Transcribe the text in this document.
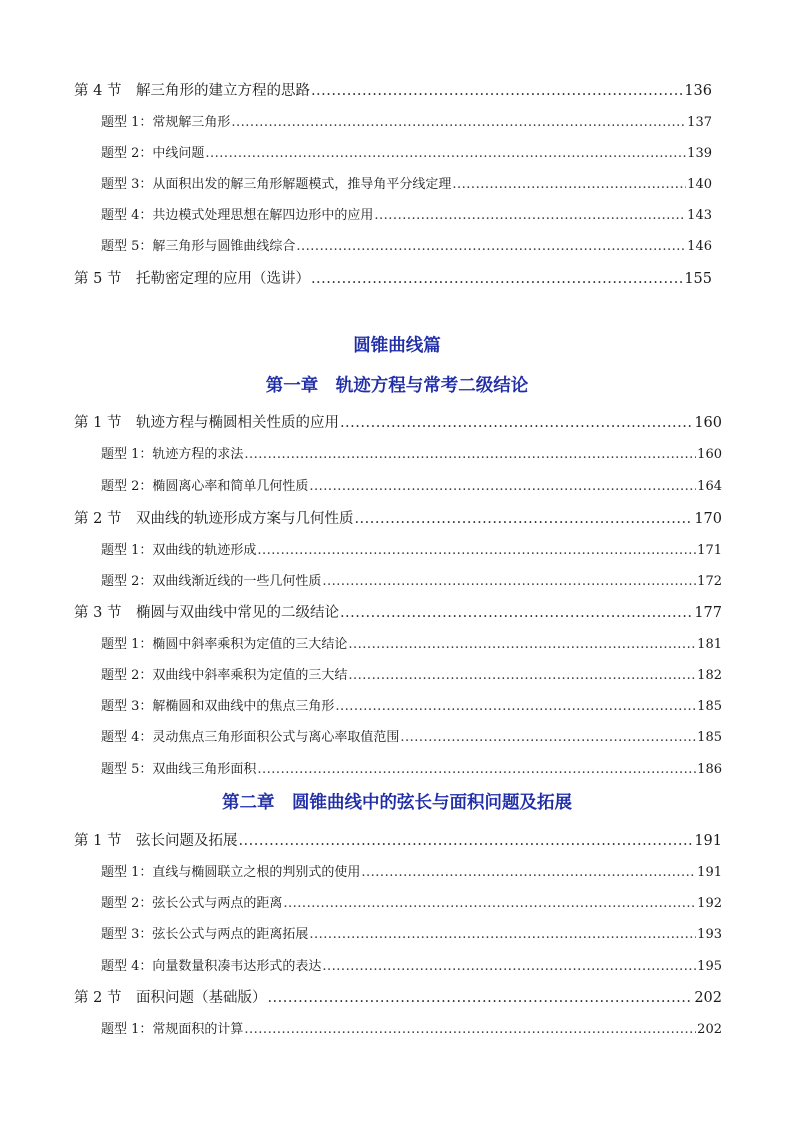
第 4 节　解三角形的建立方程的思路 .....	136
题型 1：常规解三角形 .....	137
题型 2：中线问题 .....	139
题型 3：从面积出发的解三角形解题模式，推导角平分线定理 .....	140
题型 4：共边模式处理思想在解四边形中的应用 .....	143
题型 5：解三角形与圆锥曲线综合 .....	146
第 5 节　托勒密定理的应用（选讲） .....	155
圆锥曲线篇
第一章　轨迹方程与常考二级结论
第 1 节　轨迹方程与椭圆相关性质的应用 .....	160
题型 1：轨迹方程的求法 .....	160
题型 2：椭圆离心率和简单几何性质 .....	164
第 2 节　双曲线的轨迹形成方案与几何性质 .....	170
题型 1：双曲线的轨迹形成 .....	171
题型 2：双曲线渐近线的一些几何性质 .....	172
第 3 节　椭圆与双曲线中常见的二级结论 .....	177
题型 1：椭圆中斜率乘积为定值的三大结论 .....	181
题型 2：双曲线中斜率乘积为定值的三大结 .....	182
题型 3：解椭圆和双曲线中的焦点三角形 .....	185
题型 4：灵动焦点三角形面积公式与离心率取值范围 .....	185
题型 5：双曲线三角形面积 .....	186
第二章　圆锥曲线中的弦长与面积问题及拓展
第 1 节　弦长问题及拓展 .....	191
题型 1：直线与椭圆联立之根的判别式的使用 .....	191
题型 2：弦长公式与两点的距离 .....	192
题型 3：弦长公式与两点的距离拓展 .....	193
题型 4：向量数量积凑韦达形式的表达 .....	195
第 2 节　面积问题（基础版） .....	202
题型 1：常规面积的计算 .....	202
